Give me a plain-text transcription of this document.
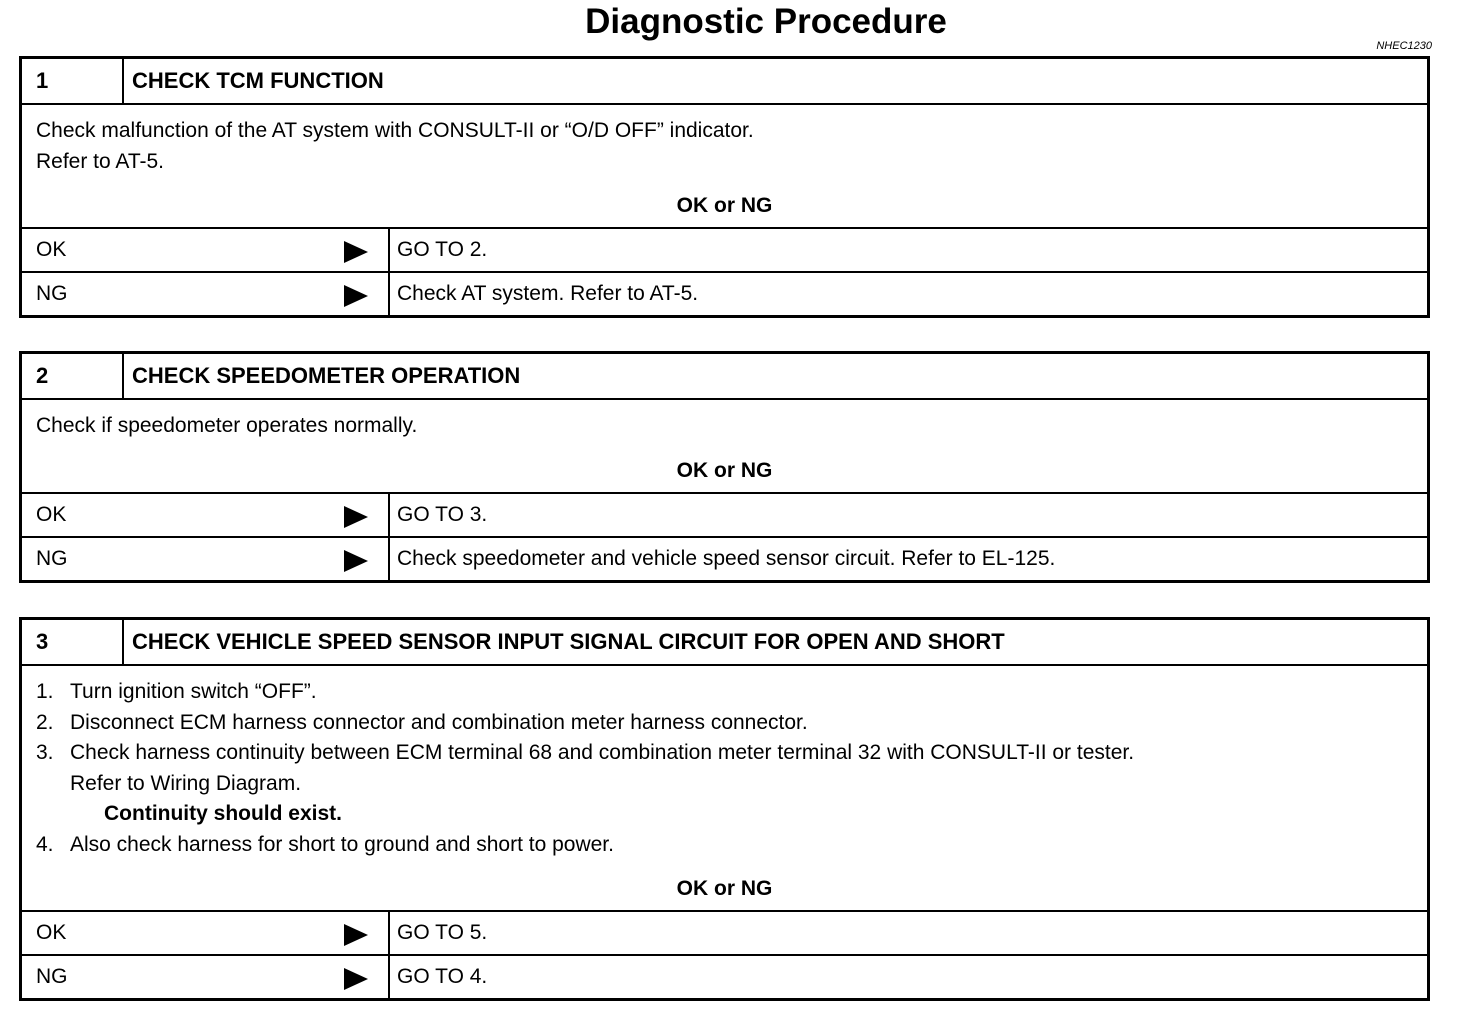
Diagnostic Procedure
NHEC1230
1	CHECK TCM FUNCTION
Check malfunction of the AT system with CONSULT-II or “O/D OFF” indicator.
Refer to AT-5.
OK or NG
OK	GO TO 2.
NG	Check AT system. Refer to AT-5.
2	CHECK SPEEDOMETER OPERATION
Check if speedometer operates normally.
OK or NG
OK	GO TO 3.
NG	Check speedometer and vehicle speed sensor circuit. Refer to EL-125.
3	CHECK VEHICLE SPEED SENSOR INPUT SIGNAL CIRCUIT FOR OPEN AND SHORT
1. Turn ignition switch “OFF”.
2. Disconnect ECM harness connector and combination meter harness connector.
3. Check harness continuity between ECM terminal 68 and combination meter terminal 32 with CONSULT-II or tester.
Refer to Wiring Diagram.
Continuity should exist.
4. Also check harness for short to ground and short to power.
OK or NG
OK	GO TO 5.
NG	GO TO 4.
